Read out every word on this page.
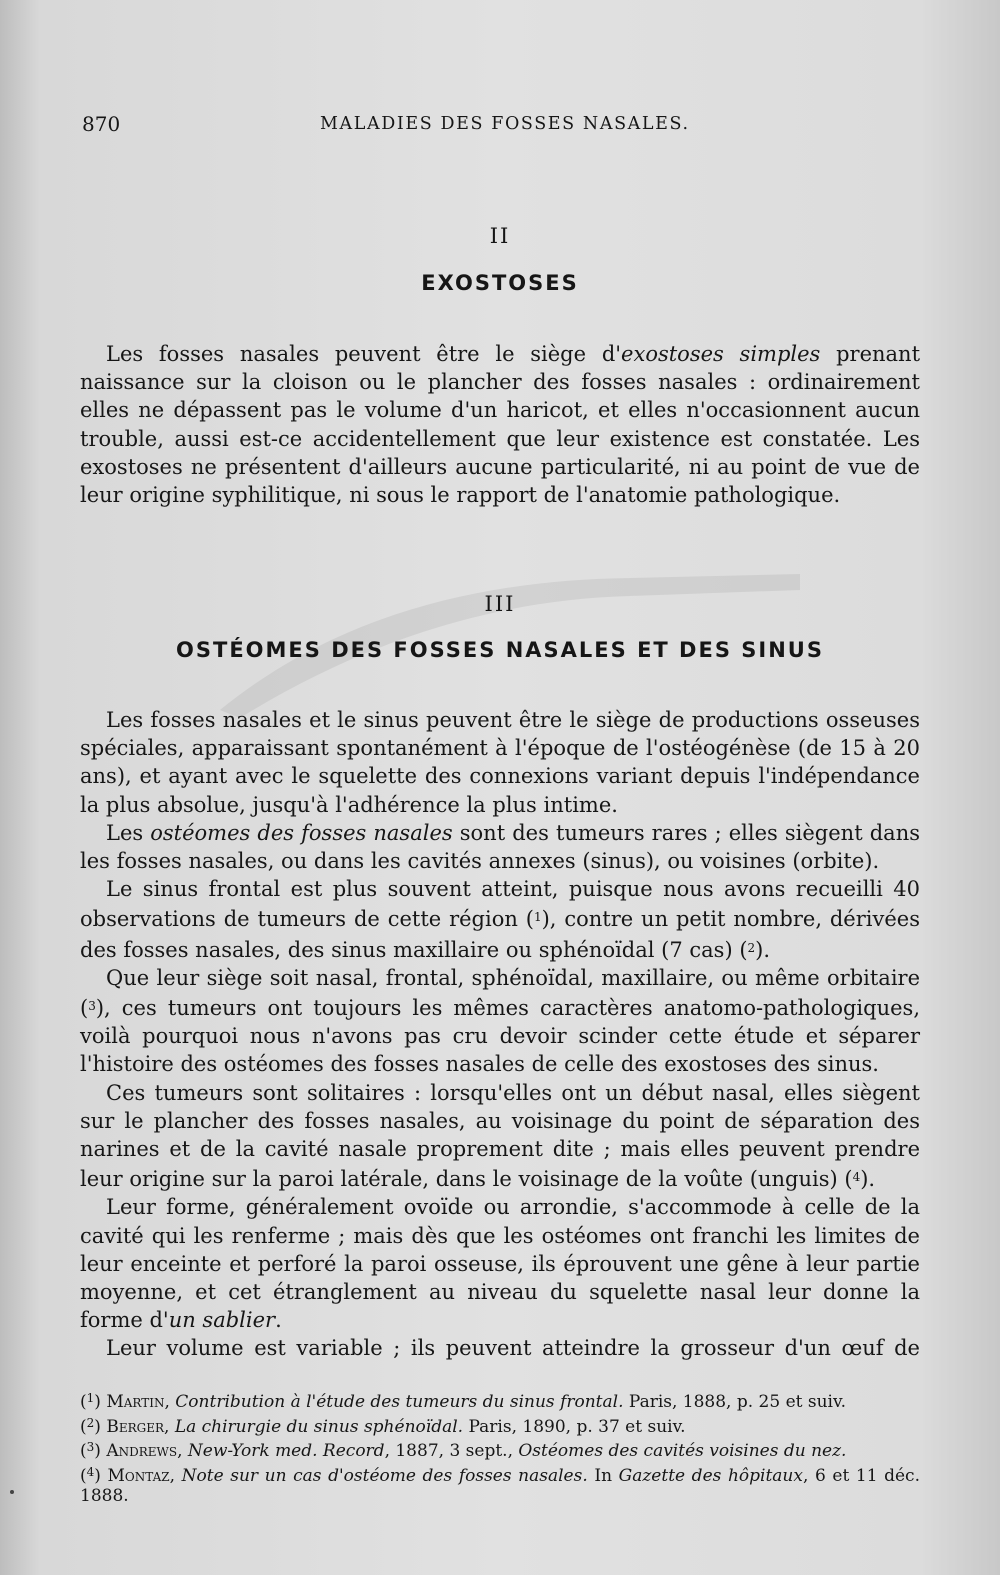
870	MALADIES DES FOSSES NASALES.
II
EXOSTOSES

Les fosses nasales peuvent être le siège d'exostoses simples prenant naissance sur la cloison ou le plancher des fosses nasales : ordinairement elles ne dépassent pas le volume d'un haricot, et elles n'occasionnent aucun trouble, aussi est-ce accidentellement que leur existence est constatée. Les exostoses ne présentent d'ailleurs aucune particularité, ni au point de vue de leur origine syphilitique, ni sous le rapport de l'anatomie pathologique.

III
OSTÉOMES DES FOSSES NASALES ET DES SINUS

Les fosses nasales et le sinus peuvent être le siège de productions osseuses spéciales, apparaissant spontanément à l'époque de l'ostéogénèse (de 15 à 20 ans), et ayant avec le squelette des connexions variant depuis l'indépendance la plus absolue, jusqu'à l'adhérence la plus intime.

Les ostéomes des fosses nasales sont des tumeurs rares ; elles siègent dans les fosses nasales, ou dans les cavités annexes (sinus), ou voisines (orbite).

Le sinus frontal est plus souvent atteint, puisque nous avons recueilli 40 observations de tumeurs de cette région ($^1$), contre un petit nombre, dérivées des fosses nasales, des sinus maxillaire ou sphénoïdal (7 cas) ($^2$).

Que leur siège soit nasal, frontal, sphénoïdal, maxillaire, ou même orbitaire ($^3$), ces tumeurs ont toujours les mêmes caractères anatomo-pathologiques, voilà pourquoi nous n'avons pas cru devoir scinder cette étude et séparer l'histoire des ostéomes des fosses nasales de celle des exostoses des sinus.

Ces tumeurs sont solitaires : lorsqu'elles ont un début nasal, elles siègent sur le plancher des fosses nasales, au voisinage du point de séparation des narines et de la cavité nasale proprement dite ; mais elles peuvent prendre leur origine sur la paroi latérale, dans le voisinage de la voûte (unguis) ($^4$).

Leur forme, généralement ovoïde ou arrondie, s'accommode à celle de la cavité qui les renferme ; mais dès que les ostéomes ont franchi les limites de leur enceinte et perforé la paroi osseuse, ils éprouvent une gêne à leur partie moyenne, et cet étranglement au niveau du squelette nasal leur donne la forme d'un sablier.

Leur volume est variable ; ils peuvent atteindre la grosseur d'un œuf de

($^1$) Martin, Contribution à l'étude des tumeurs du sinus frontal. Paris, 1888, p. 25 et suiv.

($^2$) Berger, La chirurgie du sinus sphénoïdal. Paris, 1890, p. 37 et suiv.

($^3$) Andrews, New-York med. Record, 1887, 3 sept., Ostéomes des cavités voisines du nez.

($^4$) Montaz, Note sur un cas d'ostéome des fosses nasales. In Gazette des hôpitaux, 6 et 11 déc. 1888.
